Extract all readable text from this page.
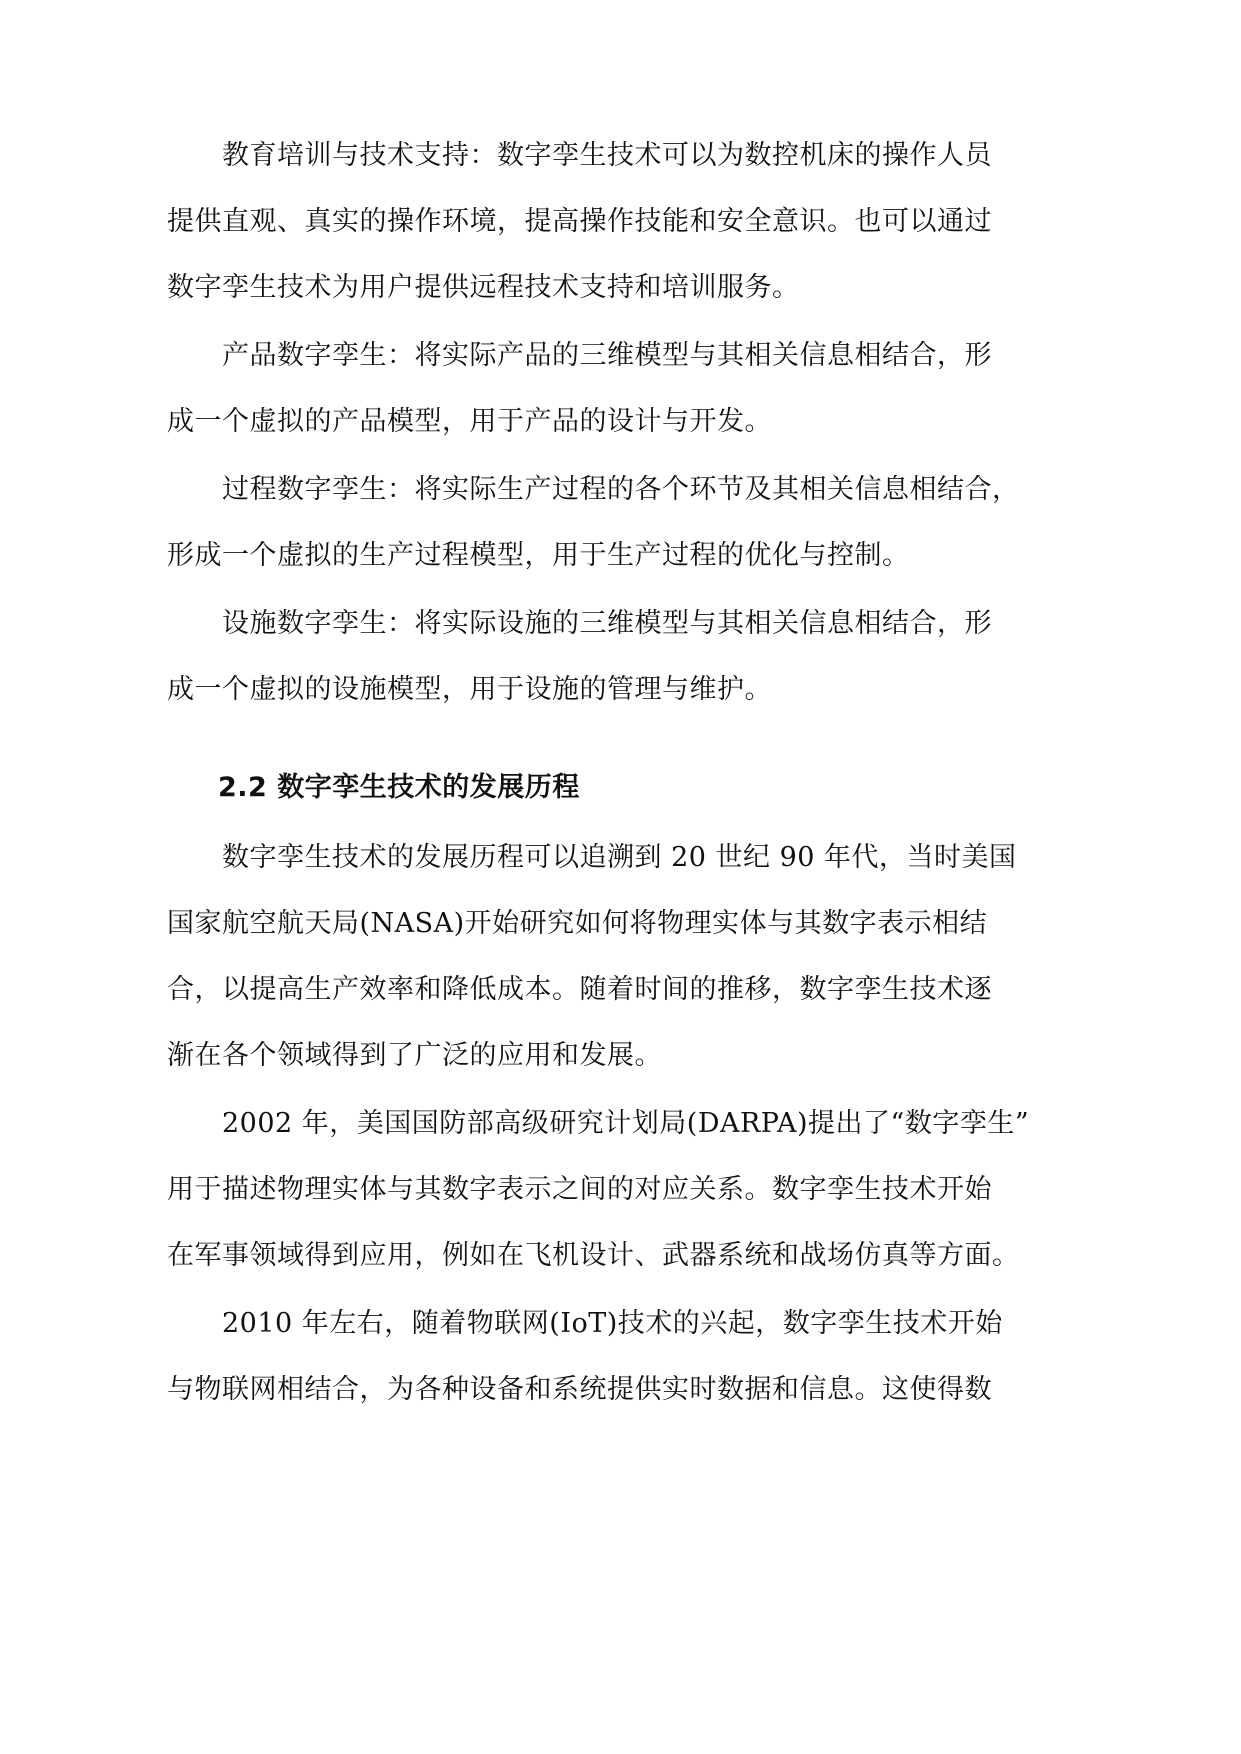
教育培训与技术支持：数字孪生技术可以为数控机床的操作人员

提供直观、真实的操作环境，提高操作技能和安全意识。也可以通过

数字孪生技术为用户提供远程技术支持和培训服务。

产品数字孪生：将实际产品的三维模型与其相关信息相结合，形

成一个虚拟的产品模型，用于产品的设计与开发。

过程数字孪生：将实际生产过程的各个环节及其相关信息相结合，

形成一个虚拟的生产过程模型，用于生产过程的优化与控制。

设施数字孪生：将实际设施的三维模型与其相关信息相结合，形

成一个虚拟的设施模型，用于设施的管理与维护。

2.2 数字孪生技术的发展历程

数字孪生技术的发展历程可以追溯到 20 世纪 90 年代，当时美国

国家航空航天局(NASA)开始研究如何将物理实体与其数字表示相结

合，以提高生产效率和降低成本。随着时间的推移，数字孪生技术逐

渐在各个领域得到了广泛的应用和发展。

2002 年，美国国防部高级研究计划局(DARPA)提出了“数字孪生”

用于描述物理实体与其数字表示之间的对应关系。数字孪生技术开始

在军事领域得到应用，例如在飞机设计、武器系统和战场仿真等方面。

2010 年左右，随着物联网(IoT)技术的兴起，数字孪生技术开始

与物联网相结合，为各种设备和系统提供实时数据和信息。这使得数
